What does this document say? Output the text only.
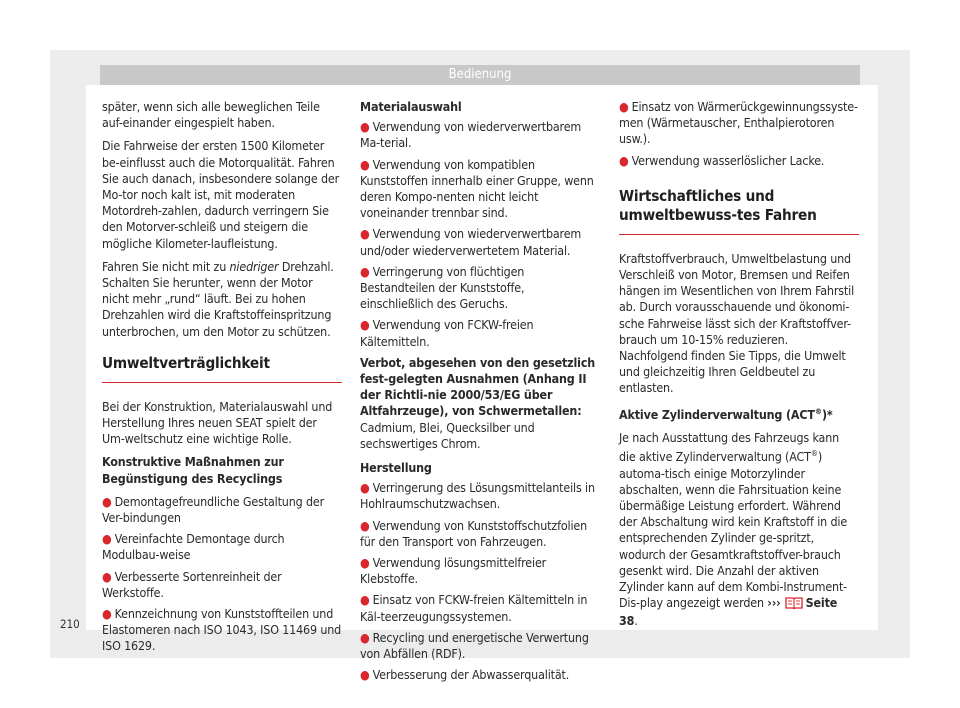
Bedienung

später, wenn sich alle beweglichen Teile auf-einander eingespielt haben.

Die Fahrweise der ersten 1500 Kilometer be-einflusst auch die Motorqualität. Fahren Sie auch danach, insbesondere solange der Mo-tor noch kalt ist, mit moderaten Motordreh-zahlen, dadurch verringern Sie den Motorver-schleiß und steigern die mögliche Kilometer-laufleistung.

Fahren Sie nicht mit zu niedriger Drehzahl. Schalten Sie herunter, wenn der Motor nicht mehr „rund“ läuft. Bei zu hohen Drehzahlen wird die Kraftstoffeinspritzung unterbrochen, um den Motor zu schützen.

Umweltverträglichkeit

Bei der Konstruktion, Materialauswahl und Herstellung Ihres neuen SEAT spielt der Um-weltschutz eine wichtige Rolle.

Konstruktive Maßnahmen zur Begünstigung des Recyclings

● Demontagefreundliche Gestaltung der Ver-bindungen

● Vereinfachte Demontage durch Modulbau-weise

● Verbesserte Sortenreinheit der Werkstoffe.

● Kennzeichnung von Kunststoffteilen und Elastomeren nach ISO 1043, ISO 11469 und ISO 1629.

Materialauswahl

● Verwendung von wiederverwertbarem Ma-terial.

● Verwendung von kompatiblen Kunststoffen innerhalb einer Gruppe, wenn deren Kompo-nenten nicht leicht voneinander trennbar sind.

● Verwendung von wiederverwertbarem und/oder wiederverwertetem Material.

● Verringerung von flüchtigen Bestandteilen der Kunststoffe, einschließlich des Geruchs.

● Verwendung von FCKW-freien Kältemitteln.

Verbot, abgesehen von den gesetzlich fest-gelegten Ausnahmen (Anhang II der Richtli-nie 2000/53/EG über Altfahrzeuge), von Schwermetallen: Cadmium, Blei, Quecksilber und sechswertiges Chrom.

Herstellung

● Verringerung des Lösungsmittelanteils in Hohlraumschutzwachsen.

● Verwendung von Kunststoffschutzfolien für den Transport von Fahrzeugen.

● Verwendung lösungsmittelfreier Klebstoffe.

● Einsatz von FCKW-freien Kältemitteln in Käl-teerzeugungssystemen.

● Recycling und energetische Verwertung von Abfällen (RDF).

● Verbesserung der Abwasserqualität.

● Einsatz von Wärmerückgewinnungssyste-men (Wärmetauscher, Enthalpierotoren usw.).

● Verwendung wasserlöslicher Lacke.

Wirtschaftliches und umweltbewuss-tes Fahren

Kraftstoffverbrauch, Umweltbelastung und Verschleiß von Motor, Bremsen und Reifen hängen im Wesentlichen von Ihrem Fahrstil ab. Durch vorausschauende und ökonomi-sche Fahrweise lässt sich der Kraftstoffver-brauch um 10-15% reduzieren. Nachfolgend finden Sie Tipps, die Umwelt und gleichzeitig Ihren Geldbeutel zu entlasten.

Aktive Zylinderverwaltung (ACT®)*

Je nach Ausstattung des Fahrzeugs kann die aktive Zylinderverwaltung (ACT®) automa-tisch einige Motorzylinder abschalten, wenn die Fahrsituation keine übermäßige Leistung erfordert. Während der Abschaltung wird kein Kraftstoff in die entsprechenden Zylinder ge-spritzt, wodurch der Gesamtkraftstoffver-brauch gesenkt wird. Die Anzahl der aktiven Zylinder kann auf dem Kombi-Instrument-Dis-play angezeigt werden ››› Seite 38.

210
